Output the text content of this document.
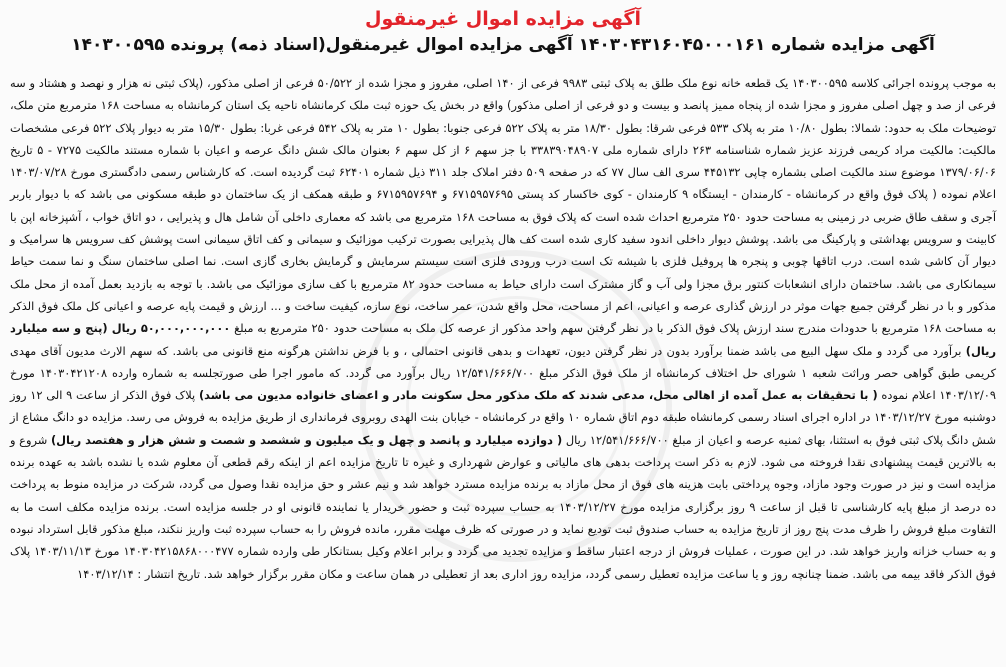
آگهی مزایده اموال غیرمنقول
آگهی مزایده شماره ۱۴۰۳۰۴۳۱۶۰۴۵۰۰۰۱۶۱ آگهی مزایده اموال غیرمنقول(اسناد ذمه) پرونده ۱۴۰۳۰۰۵۹۵
به موجب پرونده اجرائی کلاسه ۱۴۰۳۰۰۵۹۵ یک قطعه خانه نوع ملک طلق به پلاک ثبتی ۹۹۸۳ فرعی از ۱۴۰ اصلی، مفروز و مجزا شده از ۵۰/۵۲۲ فرعی از اصلی مذکور، (پلاک ثبتی نه هزار و نهصد و هشتاد و سه فرعی از صد و چهل اصلی مفروز و مجزا شده از پنجاه ممیز پانصد و بیست و دو فرعی از اصلی مذکور) واقع در بخش یک حوزه ثبت ملک کرمانشاه ناحیه یک استان کرمانشاه به مساحت ۱۶۸ مترمربع متن ملک، توضیحات ملک به حدود: شمالا: بطول ۱۰/۸۰ متر به پلاک ۵۳۳ فرعی شرقا: بطول ۱۸/۳۰ متر به پلاک ۵۲۲ فرعی جنوبا: بطول ۱۰ متر به پلاک ۵۴۲ فرعی غربا: بطول ۱۵/۳۰ متر به دیوار پلاک ۵۲۲ فرعی مشخصات مالکیت: مالکیت مراد کریمی فرزند عزیز شماره شناسنامه ۲۶۳ دارای شماره ملی ۳۳۸۳۹۰۴۸۹۰۷ با جز سهم ۶ از کل سهم ۶ بعنوان مالک شش دانگ عرصه و اعیان با شماره مستند مالکیت ۷۲۷۵ - ۵ تاریخ ۱۳۷۹/۰۶/۰۶ موضوع سند مالکیت اصلی بشماره چاپی ۴۴۵۱۳۲ سری الف سال ۷۷ که در صفحه ۵۰۹ دفتر املاک جلد ۳۱۱ ذیل شماره ۶۲۴۰۱ ثبت گردیده است. که کارشناس رسمی دادگستری مورخ ۱۴۰۳/۰۷/۲۸ اعلام نموده ( پلاک فوق واقع در کرمانشاه - کارمندان - ایستگاه ۹ کارمندان - کوی خاکسار کد پستی ۶۷۱۵۹۵۷۶۹۵ و ۶۷۱۵۹۵۷۶۹۴ و طبقه همکف از یک ساختمان دو طبقه مسکونی می باشد که با دیوار باربر آجری و سقف طاق ضربی در زمینی به مساحت حدود ۲۵۰ مترمربع احداث شده است که پلاک فوق به مساحت ۱۶۸ مترمربع می باشد که معماری داخلی آن شامل هال و پذیرایی ، دو اتاق خواب ، آشپزخانه اپن با کابینت و سرویس بهداشتی و پارکینگ می باشد. پوشش دیوار داخلی اندود سفید کاری شده است کف هال پذیرایی بصورت ترکیب موزائیک و سیمانی و کف اتاق سیمانی است پوشش کف سرویس ها سرامیک و دیوار آن کاشی شده است. درب اتاقها چوبی و پنجره ها پروفیل فلزی با شیشه تک است درب ورودی فلزی است سیستم سرمایش و گرمایش بخاری گازی است. نما اصلی ساختمان سنگ و نما سمت حیاط سیمانکاری می باشد. ساختمان دارای انشعابات کنتور برق مجزا ولی آب و گاز مشترک است دارای حیاط به مساحت حدود ۸۲ مترمربع با کف سازی موزائیک می باشد. با توجه به بازدید بعمل آمده از محل ملک مذکور و با در نظر گرفتن جمیع جهات موثر در ارزش گذاری عرصه و اعیانی، اعم از مساحت، محل واقع شدن، عمر ساخت، نوع سازه، کیفیت ساخت و ... ارزش و قیمت پایه عرصه و اعیانی کل ملک فوق الذکر به مساحت ۱۶۸ مترمربع با حدودات مندرج سند ارزش پلاک فوق الذکر با در نظر گرفتن سهم واحد مذکور از عرصه کل ملک به مساحت حدود ۲۵۰ مترمربع به مبلغ ۵۰,۰۰۰,۰۰۰,۰۰۰ ریال (پنج و سه میلیارد ریال) برآورد می گردد و ملک سهل البیع می باشد ضمنا برآورد بدون در نظر گرفتن دیون، تعهدات و بدهی قانونی احتمالی ، و با فرض نداشتن هرگونه منع قانونی می باشد. که سهم الارث مدیون آقای مهدی کریمی طبق گواهی حصر وراثت شعبه ۱ شورای حل اختلاف کرمانشاه از ملک فوق الذکر مبلغ ۱۲/۵۴۱/۶۶۶/۷۰۰ ریال برآورد می گردد. که مامور اجرا طی صورتجلسه به شماره وارده ۱۴۰۳۰۴۲۱۲۰۸ مورخ ۱۴۰۳/۱۲/۰۹ اعلام نموده ( با تحقیقات به عمل آمده از اهالی محل، مدعی شدند که ملک مذکور محل سکونت مادر و اعضای خانواده مدیون می باشد) پلاک فوق الذکر از ساعت ۹ الی ۱۲ روز دوشنبه مورخ ۱۴۰۳/۱۲/۲۷ در اداره اجرای اسناد رسمی کرمانشاه طبقه دوم اتاق شماره ۱۰ واقع در کرمانشاه - خیابان بنت الهدی روبروی فرمانداری از طریق مزایده به فروش می رسد. مزایده دو دانگ مشاع از شش دانگ پلاک ثبتی فوق به استثنا، بهای ثمنیه عرصه و اعیان از مبلغ ۱۲/۵۴۱/۶۶۶/۷۰۰ ریال ( دوازده میلیارد و پانصد و چهل و یک میلیون و ششصد و شصت و شش هزار و هفتصد ریال) شروع و به بالاترین قیمت پیشنهادی نقدا فروخته می شود. لازم به ذکر است پرداخت بدهی های مالیاتی و عوارض شهرداری و غیره تا تاریخ مزایده اعم از اینکه رقم قطعی آن معلوم شده یا نشده باشد به عهده برنده مزایده است و نیز در صورت وجود مازاد، وجوه پرداختی بابت هزینه های فوق از محل مازاد به برنده مزایده مسترد خواهد شد و نیم عشر و حق مزایده نقدا وصول می گردد، شرکت در مزایده منوط به پرداخت ده درصد از مبلغ پایه کارشناسی تا قبل از ساعت ۹ روز برگزاری مزایده مورخ ۱۴۰۳/۱۲/۲۷ به حساب سپرده ثبت و حضور خریدار یا نماینده قانونی او در جلسه مزایده است. برنده مزایده مکلف است ما به التفاوت مبلغ فروش را ظرف مدت پنج روز از تاریخ مزایده به حساب صندوق ثبت تودیع نماید و در صورتی که ظرف مهلت مقرر، مانده فروش را به حساب سپرده ثبت واریز ننکند، مبلغ مذکور قابل استرداد نبوده و به حساب خزانه واریز خواهد شد. در این صورت ، عملیات فروش از درجه اعتبار ساقط و مزایده تجدید می گردد و برابر اعلام وکیل بستانکار طی وارده شماره ۱۴۰۳۰۴۲۱۵۸۶۸۰۰۰۴۷۷ مورخ ۱۴۰۳/۱۱/۱۳ پلاک فوق الذکر فاقد بیمه می باشد. ضمنا چنانچه روز و یا ساعت مزایده تعطیل رسمی گردد، مزایده روز اداری بعد از تعطیلی در همان ساعت و مکان مقرر برگزار خواهد شد. تاریخ انتشار : ۱۴۰۳/۱۲/۱۴
